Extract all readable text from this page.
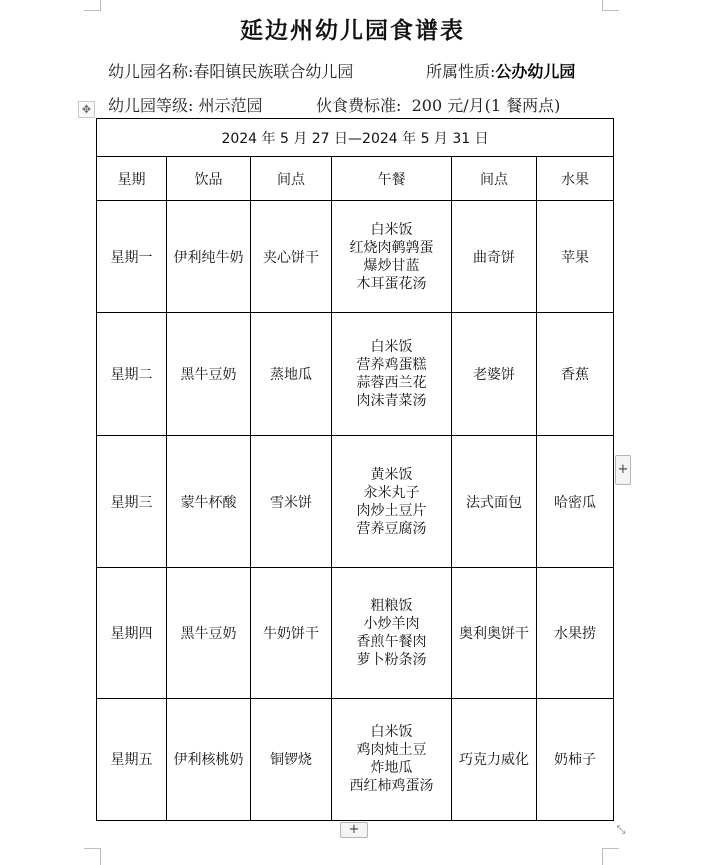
延边州幼儿园食谱表
幼儿园名称:春阳镇民族联合幼儿园	所属性质:公办幼儿园
幼儿园等级: 州示范园	伙食费标准: 200 元/月(1 餐两点)
✥
2024 年 5 月 27 日—2024 年 5 月 31 日					
星期	饮品	间点	午餐	间点	水果
星期一	伊利纯牛奶	夹心饼干	白米饭
红烧肉鹌鹑蛋
爆炒甘蓝
木耳蛋花汤	曲奇饼	苹果
星期二	黑牛豆奶	蒸地瓜	白米饭
营养鸡蛋糕
蒜蓉西兰花
肉沫青菜汤	老婆饼	香蕉
星期三	蒙牛杯酸	雪米饼	黄米饭
汆米丸子
肉炒土豆片
营养豆腐汤	法式面包	哈密瓜
星期四	黑牛豆奶	牛奶饼干	粗粮饭
小炒羊肉
香煎午餐肉
萝卜粉条汤	奥利奥饼干	水果捞
星期五	伊利核桃奶	铜锣烧	白米饭
鸡肉炖土豆
炸地瓜
西红柿鸡蛋汤	巧克力威化	奶柿子
+
+	⤡
